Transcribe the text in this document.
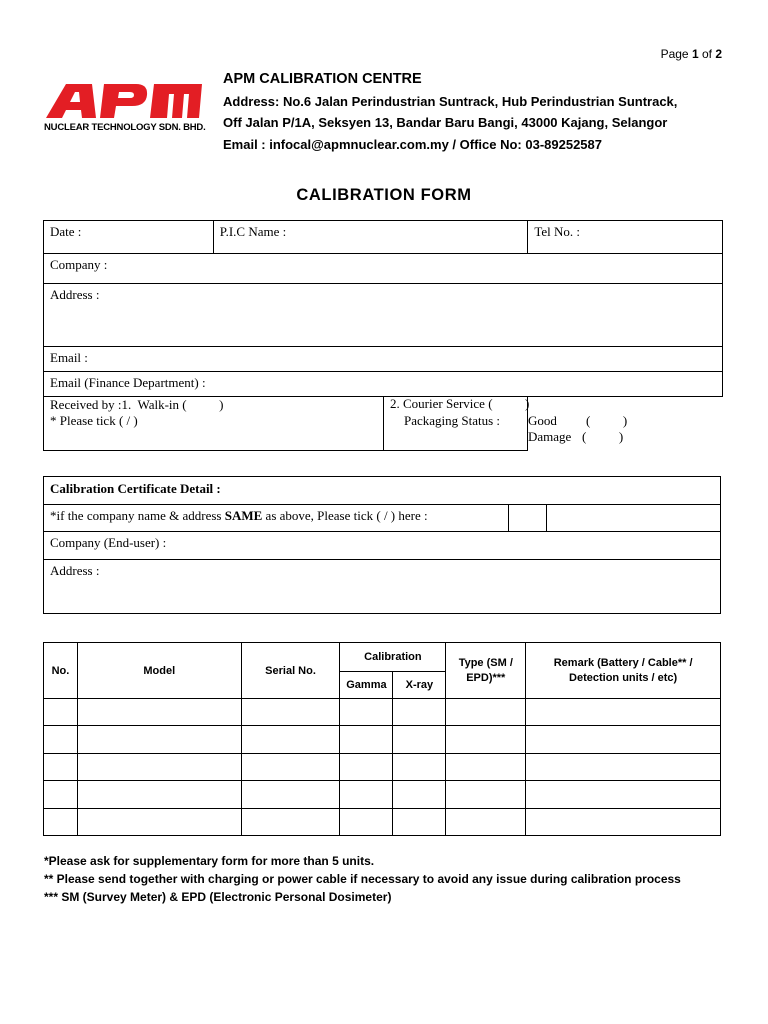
Page 1 of 2
NUCLEAR TECHNOLOGY SDN. BHD.
APM CALIBRATION CENTRE
Address: No.6 Jalan Perindustrian Suntrack, Hub Perindustrian Suntrack,
Off Jalan P/1A, Seksyen 13, Bandar Baru Bangi, 43000 Kajang, Selangor
Email : infocal@apmnuclear.com.my / Office No: 03-89252587
CALIBRATION FORM
Date :	P.I.C Name :	Tel No. :
Company :
Address :
Email :
Email (Finance Department) :

Received by :1.  Walk-in (          )
* Please tick ( / )
2. Courier Service (          )
Packaging Status : Good (          )
Damage (          )
Calibration Certificate Detail :
*if the company name & address SAME as above, Please tick ( / ) here :		
Company (End-user) :
Address :
No.	Model	Serial No.	Calibration		Type (SM / EPD)***	Remark (Battery / Cable** / Detection units / etc)
			Gamma	X-ray		

*Please ask for supplementary form for more than 5 units.
** Please send together with charging or power cable if necessary to avoid any issue during calibration process
*** SM (Survey Meter) & EPD (Electronic Personal Dosimeter)
